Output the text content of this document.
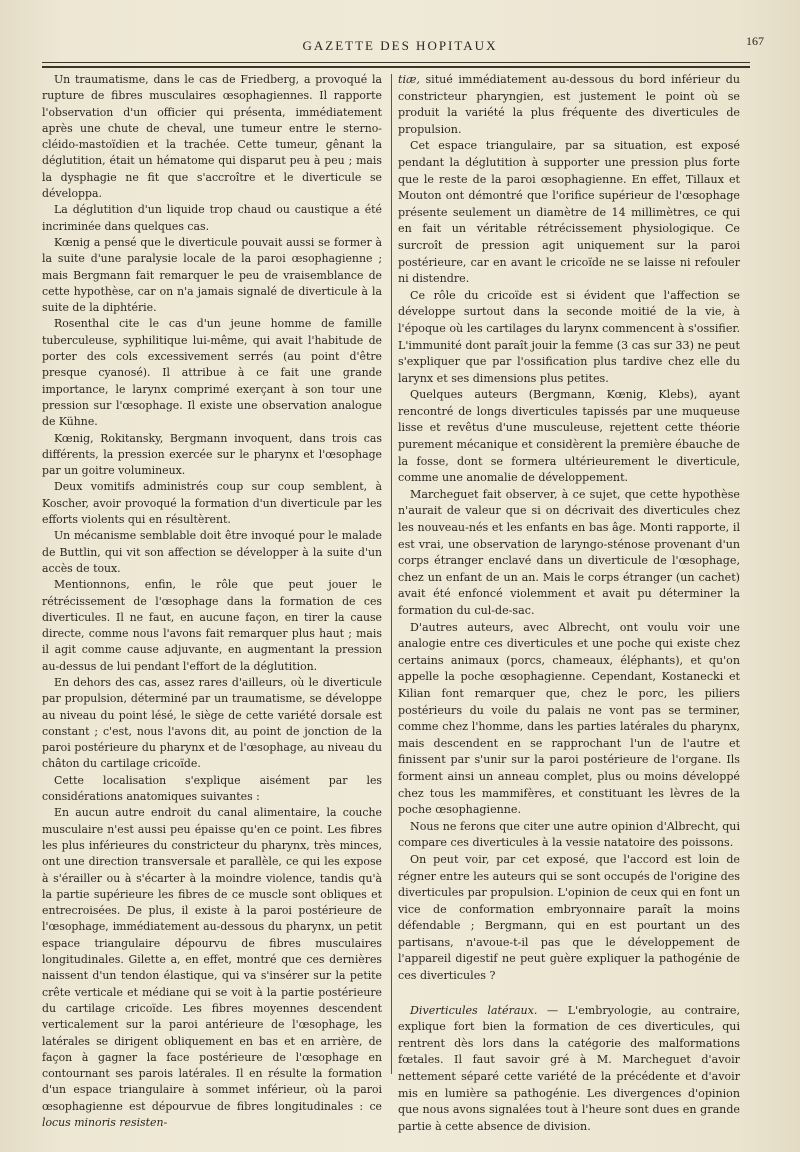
GAZETTE DES HOPITAUX	167

Un traumatisme, dans le cas de Friedberg, a provoqué la rupture de fibres musculaires œsophagiennes. Il rapporte l'observation d'un officier qui présenta, immédiatement après une chute de cheval, une tumeur entre le sterno-cléido-mastoïdien et la trachée. Cette tumeur, gênant la déglutition, était un hématome qui disparut peu à peu ; mais la dysphagie ne fit que s'accroître et le diverticule se développa.

La déglutition d'un liquide trop chaud ou caustique a été incriminée dans quelques cas.

Kœnig a pensé que le diverticule pouvait aussi se former à la suite d'une paralysie locale de la paroi œsophagienne ; mais Bergmann fait remarquer le peu de vraisemblance de cette hypothèse, car on n'a jamais signalé de diverticule à la suite de la diphtérie.

Rosenthal cite le cas d'un jeune homme de famille tuberculeuse, syphilitique lui-même, qui avait l'habitude de porter des cols excessivement serrés (au point d'être presque cyanosé). Il attribue à ce fait une grande importance, le larynx comprimé exerçant à son tour une pression sur l'œsophage. Il existe une observation analogue de Kühne.

Kœnig, Rokitansky, Bergmann invoquent, dans trois cas différents, la pression exercée sur le pharynx et l'œsophage par un goitre volumineux.

Deux vomitifs administrés coup sur coup semblent, à Koscher, avoir provoqué la formation d'un diverticule par les efforts violents qui en résultèrent.

Un mécanisme semblable doit être invoqué pour le malade de Buttlin, qui vit son affection se développer à la suite d'un accès de toux.

Mentionnons, enfin, le rôle que peut jouer le rétrécissement de l'œsophage dans la formation de ces diverticules. Il ne faut, en aucune façon, en tirer la cause directe, comme nous l'avons fait remarquer plus haut ; mais il agit comme cause adjuvante, en augmentant la pression au-dessus de lui pendant l'effort de la déglutition.

En dehors des cas, assez rares d'ailleurs, où le diverticule par propulsion, déterminé par un traumatisme, se développe au niveau du point lésé, le siège de cette variété dorsale est constant ; c'est, nous l'avons dit, au point de jonction de la paroi postérieure du pharynx et de l'œsophage, au niveau du châton du cartilage cricoïde.

Cette localisation s'explique aisément par les considérations anatomiques suivantes :

En aucun autre endroit du canal alimentaire, la couche musculaire n'est aussi peu épaisse qu'en ce point. Les fibres les plus inférieures du constricteur du pharynx, très minces, ont une direction transversale et parallèle, ce qui les expose à s'érailler ou à s'écarter à la moindre violence, tandis qu'à la partie supérieure les fibres de ce muscle sont obliques et entrecroisées. De plus, il existe à la paroi postérieure de l'œsophage, immédiatement au-dessous du pharynx, un petit espace triangulaire dépourvu de fibres musculaires longitudinales. Gilette a, en effet, montré que ces dernières naissent d'un tendon élastique, qui va s'insérer sur la petite crête verticale et médiane qui se voit à la partie postérieure du cartilage cricoïde. Les fibres moyennes descendent verticalement sur la paroi antérieure de l'œsophage, les latérales se dirigent obliquement en bas et en arrière, de façon à gagner la face postérieure de l'œsophage en contournant ses parois latérales. Il en résulte la formation d'un espace triangulaire à sommet inférieur, où la paroi œsophagienne est dépourvue de fibres longitudinales : ce locus minoris resisten-

tiæ, situé immédiatement au-dessous du bord inférieur du constricteur pharyngien, est justement le point où se produit la variété la plus fréquente des diverticules de propulsion.

Cet espace triangulaire, par sa situation, est exposé pendant la déglutition à supporter une pression plus forte que le reste de la paroi œsophagienne. En effet, Tillaux et Mouton ont démontré que l'orifice supérieur de l'œsophage présente seulement un diamètre de 14 millimètres, ce qui en fait un véritable rétrécissement physiologique. Ce surcroît de pression agit uniquement sur la paroi postérieure, car en avant le cricoïde ne se laisse ni refouler ni distendre.

Ce rôle du cricoïde est si évident que l'affection se développe surtout dans la seconde moitié de la vie, à l'époque où les cartilages du larynx commencent à s'ossifier. L'immunité dont paraît jouir la femme (3 cas sur 33) ne peut s'expliquer que par l'ossification plus tardive chez elle du larynx et ses dimensions plus petites.

Quelques auteurs (Bergmann, Kœnig, Klebs), ayant rencontré de longs diverticules tapissés par une muqueuse lisse et revêtus d'une musculeuse, rejettent cette théorie purement mécanique et considèrent la première ébauche de la fosse, dont se formera ultérieurement le diverticule, comme une anomalie de développement.

Marcheguet fait observer, à ce sujet, que cette hypothèse n'aurait de valeur que si on décrivait des diverticules chez les nouveau-nés et les enfants en bas âge. Monti rapporte, il est vrai, une observation de laryngo-sténose provenant d'un corps étranger enclavé dans un diverticule de l'œsophage, chez un enfant de un an. Mais le corps étranger (un cachet) avait été enfoncé violemment et avait pu déterminer la formation du cul-de-sac.

D'autres auteurs, avec Albrecht, ont voulu voir une analogie entre ces diverticules et une poche qui existe chez certains animaux (porcs, chameaux, éléphants), et qu'on appelle la poche œsophagienne. Cependant, Kostanecki et Kilian font remarquer que, chez le porc, les piliers postérieurs du voile du palais ne vont pas se terminer, comme chez l'homme, dans les parties latérales du pharynx, mais descendent en se rapprochant l'un de l'autre et finissent par s'unir sur la paroi postérieure de l'organe. Ils forment ainsi un anneau complet, plus ou moins développé chez tous les mammifères, et constituant les lèvres de la poche œsophagienne.

Nous ne ferons que citer une autre opinion d'Albrecht, qui compare ces diverticules à la vessie natatoire des poissons.

On peut voir, par cet exposé, que l'accord est loin de régner entre les auteurs qui se sont occupés de l'origine des diverticules par propulsion. L'opinion de ceux qui en font un vice de conformation embryonnaire paraît la moins défendable ; Bergmann, qui en est pourtant un des partisans, n'avoue-t-il pas que le développement de l'appareil digestif ne peut guère expliquer la pathogénie de ces diverticules ?

Diverticules latéraux. — L'embryologie, au contraire, explique fort bien la formation de ces diverticules, qui rentrent dès lors dans la catégorie des malformations fœtales. Il faut savoir gré à M. Marcheguet d'avoir nettement séparé cette variété de la précédente et d'avoir mis en lumière sa pathogénie. Les divergences d'opinion que nous avons signalées tout à l'heure sont dues en grande partie à cette absence de division.
